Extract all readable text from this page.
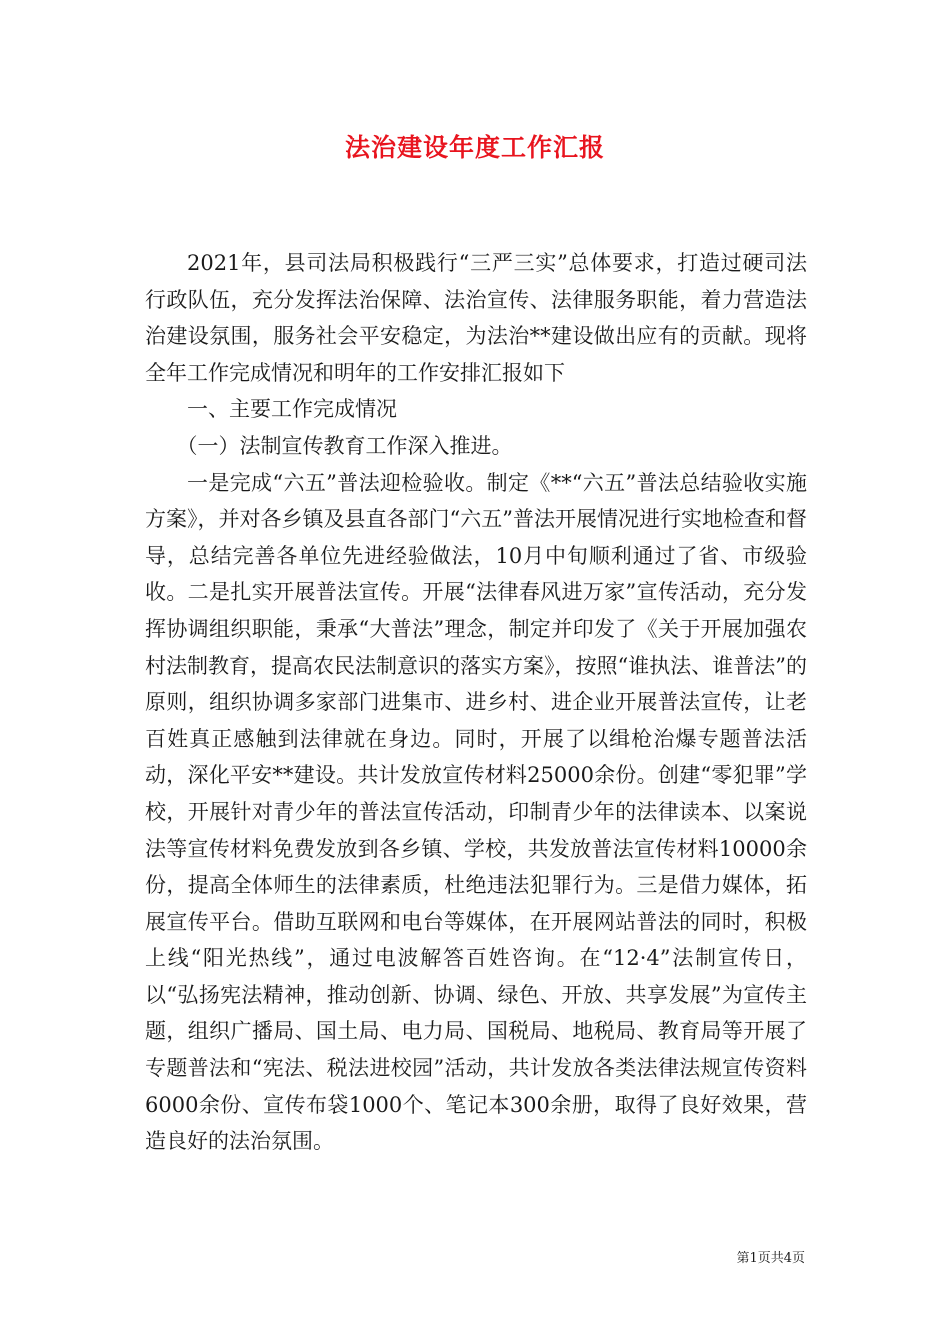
法治建设年度工作汇报

2021年，县司法局积极践行“三严三实”总体要求，打造过硬司法行政队伍，充分发挥法治保障、法治宣传、法律服务职能，着力营造法治建设氛围，服务社会平安稳定，为法治**建设做出应有的贡献。现将全年工作完成情况和明年的工作安排汇报如下

一、主要工作完成情况

（一）法制宣传教育工作深入推进。

一是完成“六五”普法迎检验收。制定《**“六五”普法总结验收实施方案》，并对各乡镇及县直各部门“六五”普法开展情况进行实地检查和督导，总结完善各单位先进经验做法，10月中旬顺利通过了省、市级验收。二是扎实开展普法宣传。开展“法律春风进万家”宣传活动，充分发挥协调组织职能，秉承“大普法”理念，制定并印发了《关于开展加强农村法制教育，提高农民法制意识的落实方案》，按照“谁执法、谁普法”的原则，组织协调多家部门进集市、进乡村、进企业开展普法宣传，让老百姓真正感触到法律就在身边。同时，开展了以缉枪治爆专题普法活动，深化平安**建设。共计发放宣传材料25000余份。创建“零犯罪”学校，开展针对青少年的普法宣传活动，印制青少年的法律读本、以案说法等宣传材料免费发放到各乡镇、学校，共发放普法宣传材料10000余份，提高全体师生的法律素质，杜绝违法犯罪行为。三是借力媒体，拓展宣传平台。借助互联网和电台等媒体，在开展网站普法的同时，积极上线“阳光热线”，通过电波解答百姓咨询。在“12·4”法制宣传日，以“弘扬宪法精神，推动创新、协调、绿色、开放、共享发展”为宣传主题，组织广播局、国土局、电力局、国税局、地税局、教育局等开展了专题普法和“宪法、税法进校园”活动，共计发放各类法律法规宣传资料6000余份、宣传布袋1000个、笔记本300余册，取得了良好效果，营造良好的法治氛围。

第1页共4页
